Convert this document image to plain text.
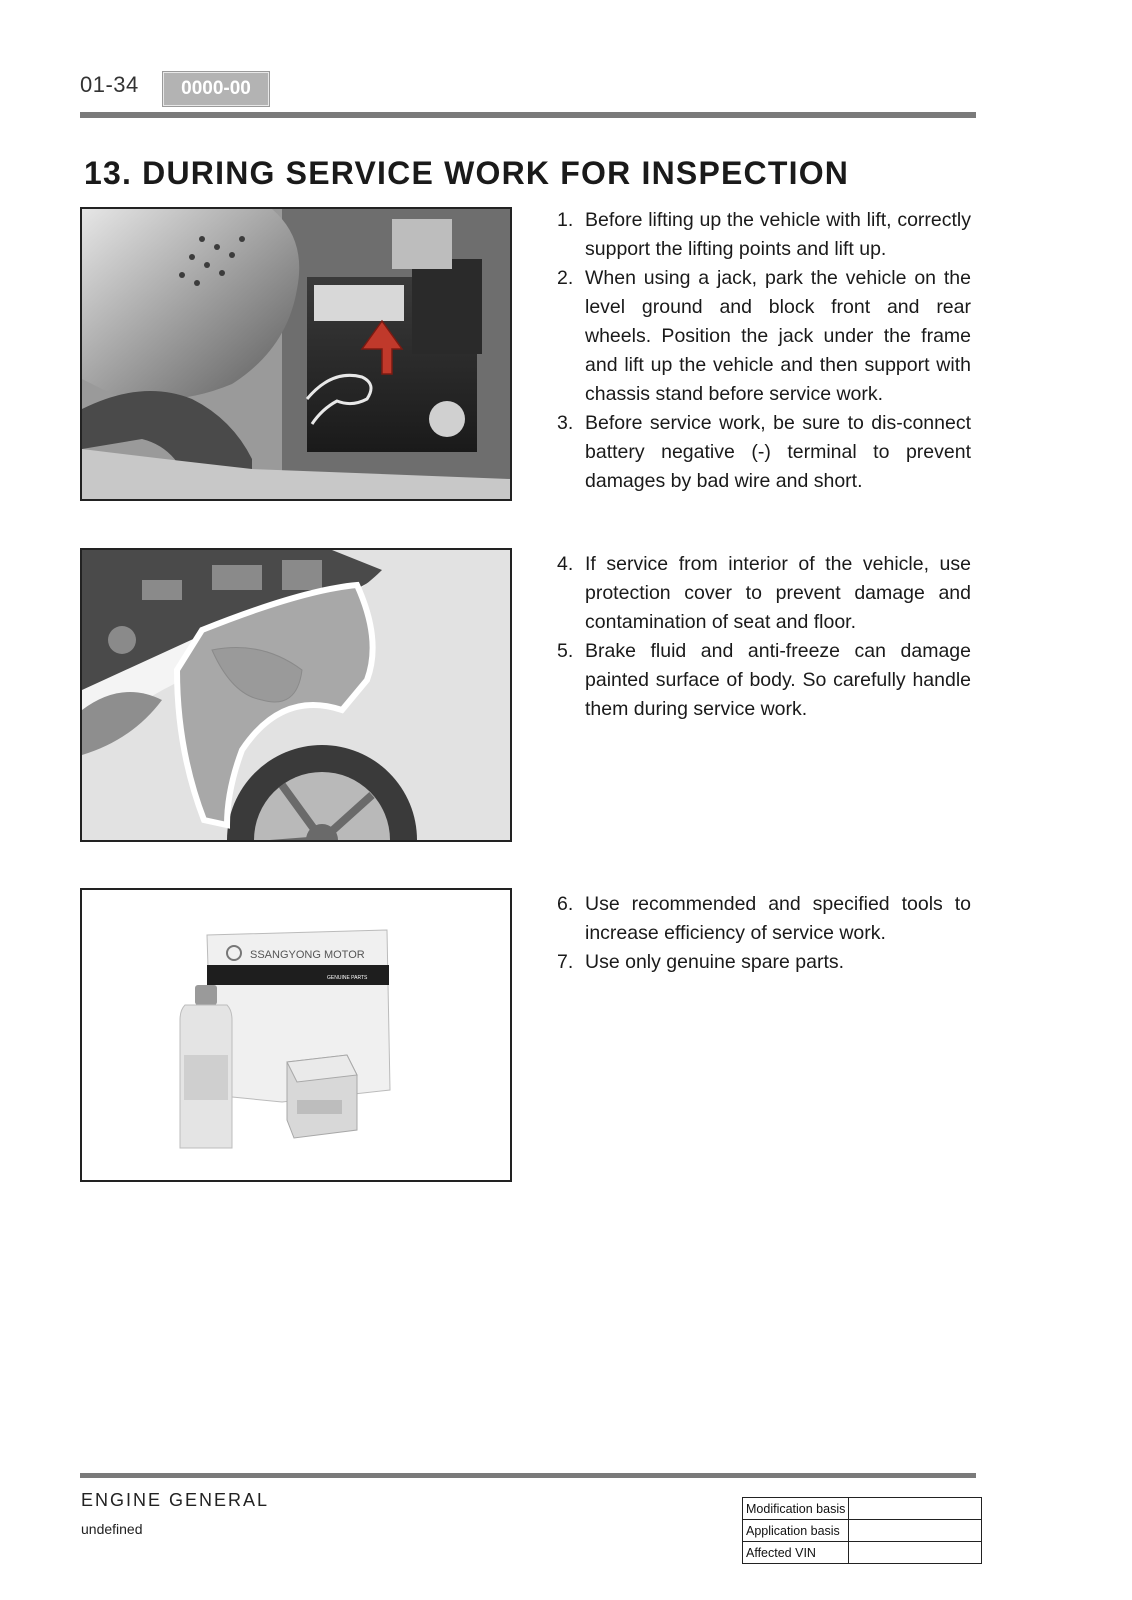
01-34	0000-00
13. DURING SERVICE WORK FOR INSPECTION
1. Before lifting up the vehicle with lift, correctly support the lifting points and lift up.
2. When using a jack, park the vehicle on the level ground and block front and rear wheels. Position the jack under the frame and lift up the vehicle and then support with chassis stand before service work.
3. Before service work, be sure to dis-connect battery negative (-) terminal to prevent damages by bad wire and short.
4. If service from interior of the vehicle, use protection cover to prevent damage and contamination of seat and floor.
5. Brake fluid and anti-freeze can damage painted surface of body. So carefully handle them during service work.
SSANGYONG MOTOR
GENUINE PARTS
6. Use recommended and specified tools to increase efficiency of service work.
7. Use only genuine spare parts.
ENGINE GENERAL
undefined
Modification basis	
Application basis	
Affected VIN	
